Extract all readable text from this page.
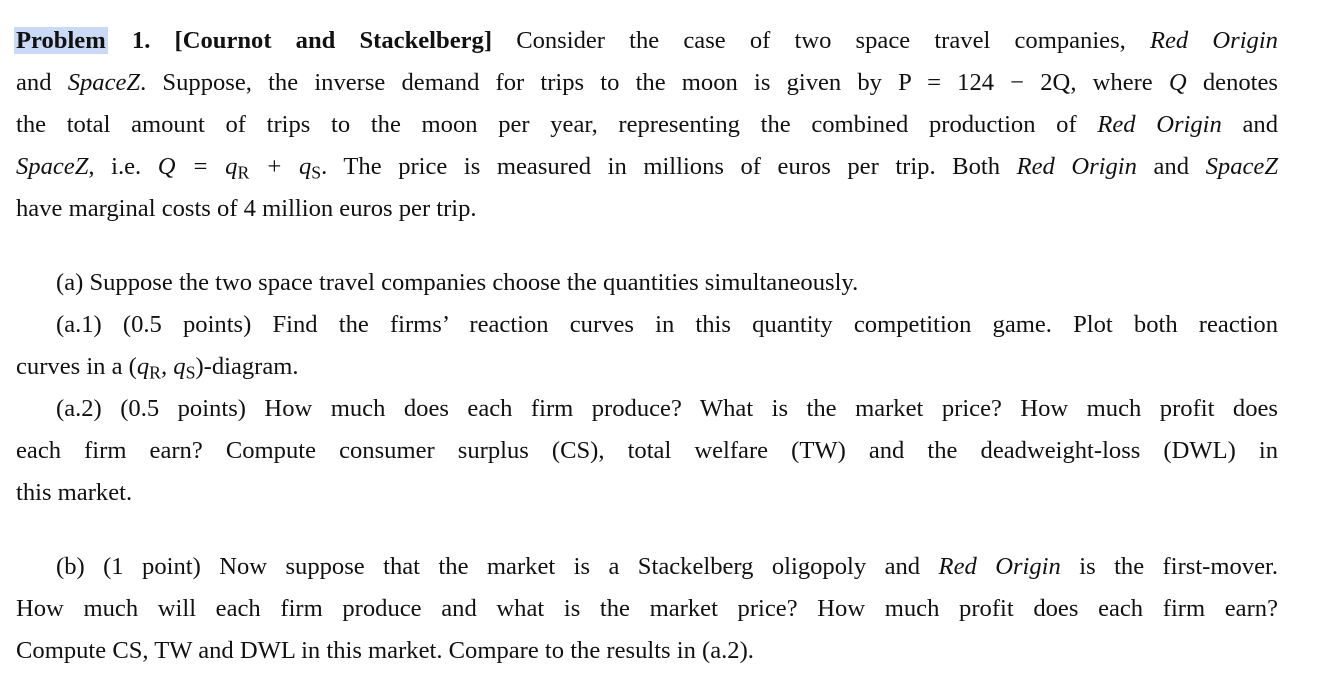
Problem 1. [Cournot and Stackelberg] Consider the case of two space travel companies, Red Origin
and SpaceZ. Suppose, the inverse demand for trips to the moon is given by P = 124 − 2Q, where Q denotes
the total amount of trips to the moon per year, representing the combined production of Red Origin and
SpaceZ, i.e. $Q = q_R + q_S$. The price is measured in millions of euros per trip. Both Red Origin and SpaceZ
have marginal costs of 4 million euros per trip.
(a) Suppose the two space travel companies choose the quantities simultaneously.
(a.1) (0.5 points) Find the firms’ reaction curves in this quantity competition game. Plot both reaction
curves in a ($q_R$, $q_S$)-diagram.
(a.2) (0.5 points) How much does each firm produce? What is the market price? How much profit does
each firm earn? Compute consumer surplus (CS), total welfare (TW) and the deadweight-loss (DWL) in
this market.
(b) (1 point) Now suppose that the market is a Stackelberg oligopoly and Red Origin is the first-mover.
How much will each firm produce and what is the market price? How much profit does each firm earn?
Compute CS, TW and DWL in this market. Compare to the results in (a.2).
